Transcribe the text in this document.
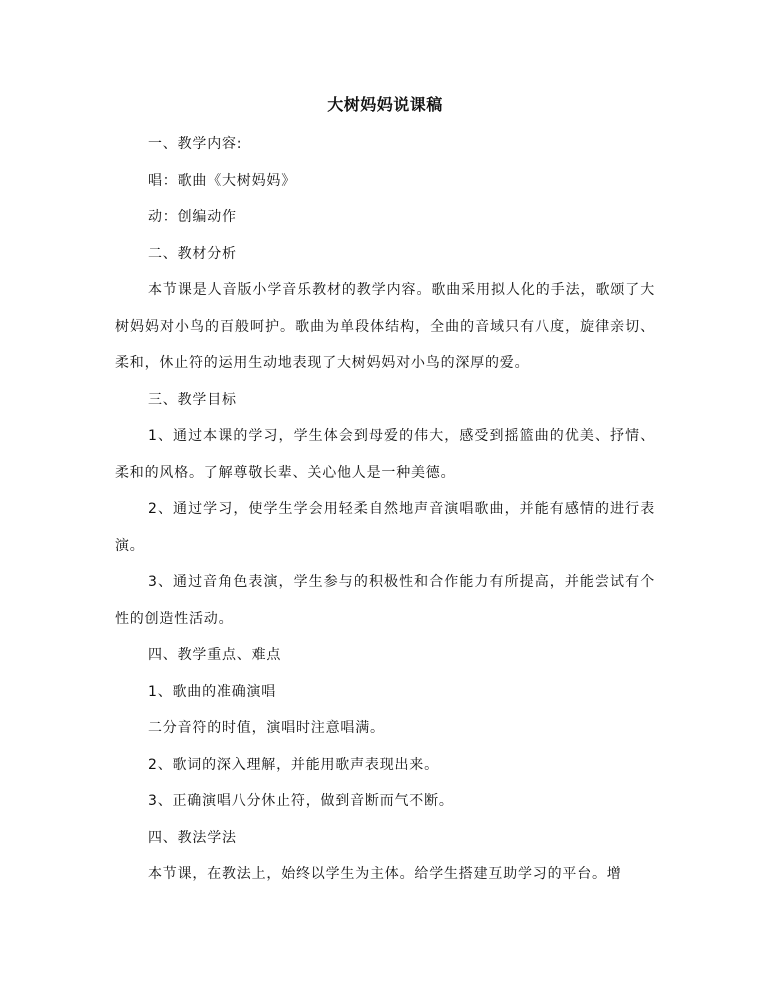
大树妈妈说课稿

一、教学内容:

唱：歌曲《大树妈妈》

动：创编动作

二、教材分析

本节课是人音版小学音乐教材的教学内容。歌曲采用拟人化的手法，歌颂了大树妈妈对小鸟的百般呵护。歌曲为单段体结构，全曲的音域只有八度，旋律亲切、柔和，休止符的运用生动地表现了大树妈妈对小鸟的深厚的爱。

三、教学目标

1、通过本课的学习，学生体会到母爱的伟大，感受到摇篮曲的优美、抒情、柔和的风格。了解尊敬长辈、关心他人是一种美德。

2、通过学习，使学生学会用轻柔自然地声音演唱歌曲，并能有感情的进行表演。

3、通过音角色表演，学生参与的积极性和合作能力有所提高，并能尝试有个性的创造性活动。

四、教学重点、难点

1、歌曲的准确演唱

二分音符的时值，演唱时注意唱满。

2、歌词的深入理解，并能用歌声表现出来。

3、正确演唱八分休止符，做到音断而气不断。

四、教法学法

本节课，在教法上，始终以学生为主体。给学生搭建互助学习的平台。增
